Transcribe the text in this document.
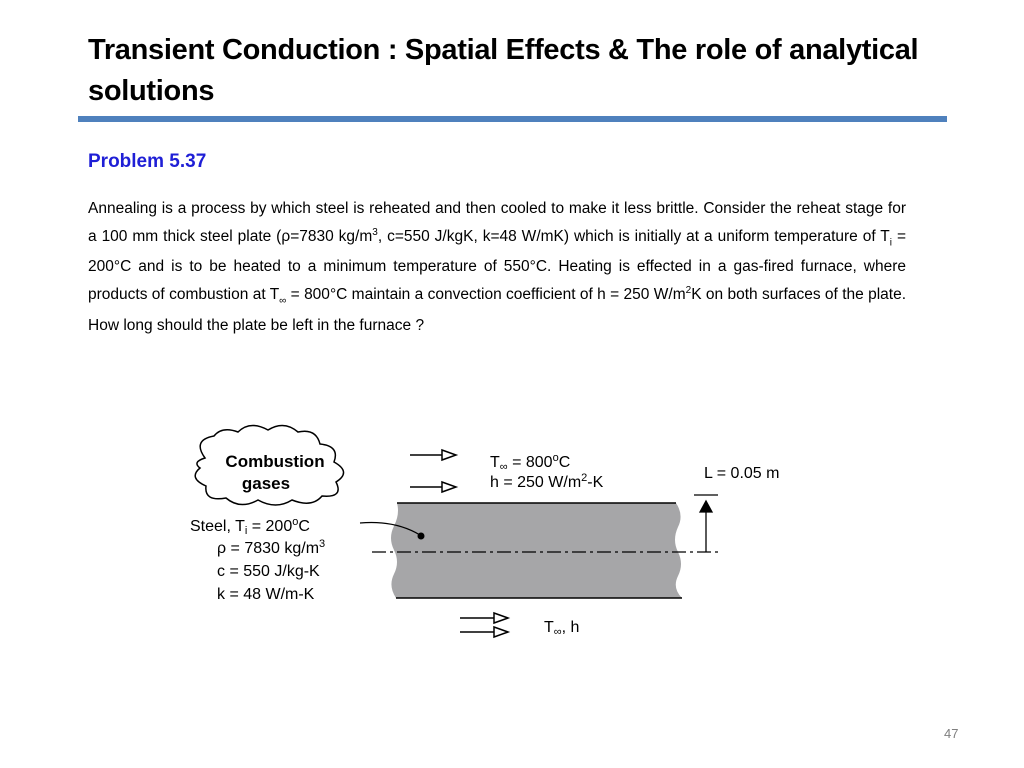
Transient Conduction : Spatial Effects & The role of analytical solutions
Problem 5.37
Annealing is a process by which steel is reheated and then cooled to make it less brittle. Consider the reheat stage for a 100 mm thick steel plate (ρ=7830 $kg/m^3$, c=550 J/kgK, k=48 W/mK) which is initially at a uniform temperature of $T_i = 200^\circ C$ and is to be heated to a minimum temperature of 550°C. Heating is effected in a gas-fired furnace, where products of combustion at $T_\infty = 800^\circ C$ maintain a convection coefficient of h = 250 $W/m^2K$ on both surfaces of the plate. How long should the plate be left in the furnace ?
Combustion
gases
$T\infty = 800^oC$
h = 250 $W/m^2-K$
L = 0.05 m
Steel, $Ti = 200^oC$
ρ = 7830 $kg/m^3$
c = 550 J/kg-K
k = 48 W/m-K
T∞, h
47
